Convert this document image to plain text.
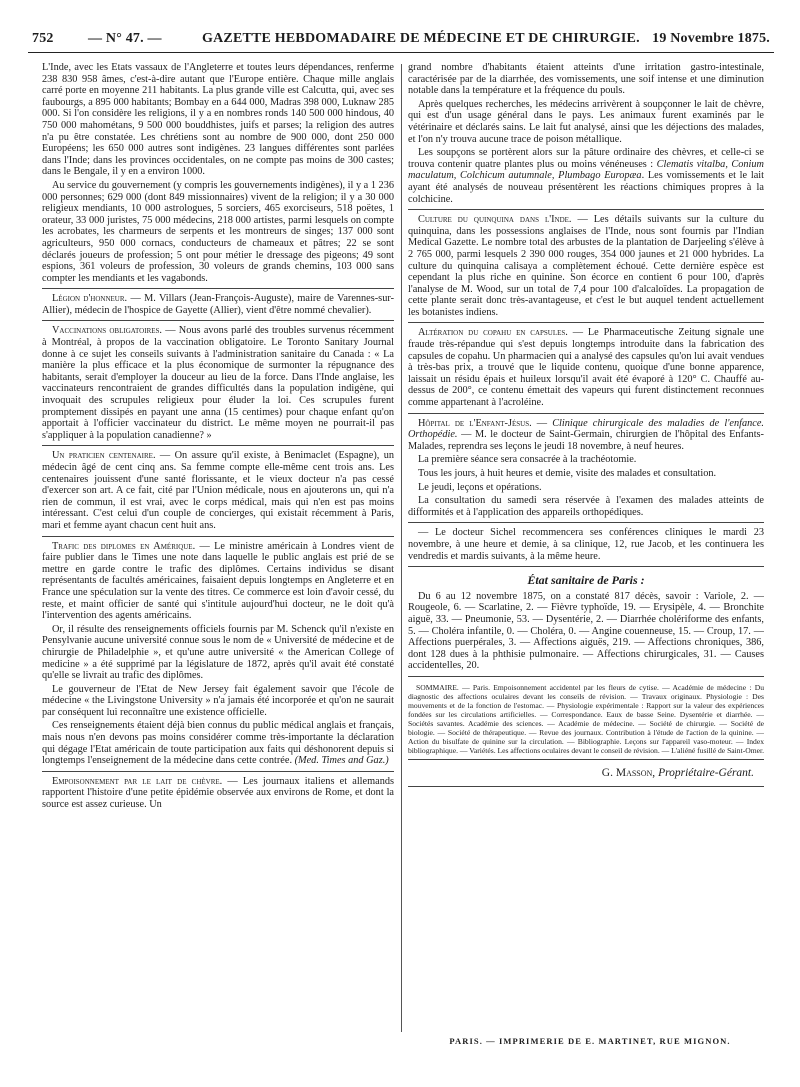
752 — N° 47. —	GAZETTE HEBDOMADAIRE DE MÉDECINE ET DE CHIRURGIE. 19 Novembre 1875.

L'Inde, avec les Etats vassaux de l'Angleterre et toutes leurs dépendances, renferme 238 830 958 âmes, c'est-à-dire autant que l'Europe entière. Chaque mille anglais carré porte en moyenne 211 habitants. La plus grande ville est Calcutta, qui, avec ses faubourgs, a 895 000 habitants; Bombay en a 644 000, Madras 398 000, Luknaw 285 000. Si l'on considère les religions, il y a en nombres ronds 140 500 000 hindous, 40 750 000 mahométans, 9 500 000 bouddhistes, juifs et parses; la religion des autres n'a pu être constatée. Les chrétiens sont au nombre de 900 000, dont 250 000 Européens; les 650 000 autres sont indigènes. 23 langues différentes sont parlées dans l'Inde; dans les provinces occidentales, on ne compte pas moins de 300 castes; dans le Bengale, il y en a environ 1000.

Au service du gouvernement (y compris les gouvernements indigènes), il y a 1 236 000 personnes; 629 000 (dont 849 missionnaires) vivent de la religion; il y a 30 000 religieux mendiants, 10 000 astrologues, 5 sorciers, 465 exorciseurs, 518 poëtes, 1 orateur, 33 000 juristes, 75 000 médecins, 218 000 artistes, parmi lesquels on compte les acrobates, les charmeurs de serpents et les montreurs de singes; 137 000 sont agriculteurs, 950 000 cornacs, conducteurs de chameaux et pâtres; 22 se sont déclarés joueurs de profession; 5 ont pour métier le dressage des pigeons; 49 sont espions, 361 voleurs de profession, 30 voleurs de grands chemins, 103 000 sans compter les mendiants et les vagabonds.

Légion d'honneur. — M. Villars (Jean-François-Auguste), maire de Varennes-sur-Allier), médecin de l'hospice de Gayette (Allier), vient d'être nommé chevalier).

Vaccinations obligatoires. — Nous avons parlé des troubles survenus récemment à Montréal, à propos de la vaccination obligatoire. Le Toronto Sanitary Journal donne à ce sujet les conseils suivants à l'administration sanitaire du Canada : « La manière la plus efficace et la plus économique de surmonter la répugnance des habitants, serait d'employer la douceur au lieu de la force. Dans l'Inde anglaise, les vaccinateurs rencontraient de grandes difficultés dans la population indigène, qui invoquait des scrupules religieux pour éluder la loi. Ces scrupules furent promptement dissipés en payant une anna (15 centimes) pour chaque enfant qu'on apportait à l'officier vaccinateur du district. Le même moyen ne pourrait-il pas s'appliquer à la population canadienne? »

Un praticien centenaire. — On assure qu'il existe, à Benimaclet (Espagne), un médecin âgé de cent cinq ans. Sa femme compte elle-même cent trois ans. Les centenaires jouissent d'une santé florissante, et le vieux docteur n'a pas cessé d'exercer son art. A ce fait, cité par l'Union médicale, nous en ajouterons un, qui n'a rien de commun, il est vrai, avec le corps médical, mais qui n'en est pas moins intéressant. C'est celui d'un couple de concierges, qui existait récemment à Paris, mari et femme ayant chacun cent huit ans.

Trafic des diplomes en Amérique. — Le ministre américain à Londres vient de faire publier dans le Times une note dans laquelle le public anglais est prié de se mettre en garde contre le trafic des diplômes. Certains individus se disant représentants de facultés américaines, faisaient depuis longtemps en Angleterre et en France une spéculation sur la vente des titres. Ce commerce est loin d'avoir cessé, du reste, et maint officier de santé qui s'intitule aujourd'hui docteur, ne le doit qu'à l'intervention des agents américains.

Or, il résulte des renseignements officiels fournis par M. Schenck qu'il n'existe en Pensylvanie aucune université connue sous le nom de « Université de médecine et de chirurgie de Philadelphie », et qu'une autre université « the American College of medicine » a été supprimé par la législature de 1872, après qu'il avait été constaté qu'elle se livrait au trafic des diplômes.

Le gouverneur de l'Etat de New Jersey fait également savoir que l'école de médecine « the Livingstone University » n'a jamais été incorporée et qu'on ne saurait par conséquent lui reconnaître une existence officielle.

Ces renseignements étaient déjà bien connus du public médical anglais et français, mais nous n'en devons pas moins considérer comme très-importante la déclaration qui dégage l'Etat américain de toute participation aux faits qui déshonorent depuis si longtemps l'enseignement de la médecine dans cette contrée. (Med. Times and Gaz.)

Empoisonnement par le lait de chèvre. — Les journaux italiens et allemands rapportent l'histoire d'une petite épidémie observée aux environs de Rome, et dont la source est assez curieuse. Un

grand nombre d'habitants étaient atteints d'une irritation gastro-intestinale, caractérisée par de la diarrhée, des vomissements, une soif intense et une diminution notable dans la température et la fréquence du pouls.

Après quelques recherches, les médecins arrivèrent à soupçonner le lait de chèvre, qui est d'un usage général dans le pays. Les animaux furent examinés par le vétérinaire et déclarés sains. Le lait fut analysé, ainsi que les déjections des malades, et l'on n'y trouva aucune trace de poison métallique.

Les soupçons se portèrent alors sur la pâture ordinaire des chèvres, et celle-ci se trouva contenir quatre plantes plus ou moins vénéneuses : Clematis vitalba, Conium maculatum, Colchicum autumnale, Plumbago Europæa. Les vomissements et le lait ayant été analysés de nouveau présentèrent les réactions chimiques propres à la colchicine.

Culture du quinquina dans l'Inde. — Les détails suivants sur la culture du quinquina, dans les possessions anglaises de l'Inde, nous sont fournis par l'Indian Medical Gazette. Le nombre total des arbustes de la plantation de Darjeeling s'élève à 2 765 000, parmi lesquels 2 390 000 rouges, 354 000 jaunes et 21 000 hybrides. La culture du quinquina calisaya a complètement échoué. Cette dernière espèce est cependant la plus riche en quinine. Son écorce en contient 6 pour 100, d'après l'analyse de M. Wood, sur un total de 7,4 pour 100 d'alcaloïdes. La propagation de cette plante serait donc très-avantageuse, et c'est le but auquel tendent actuellement les botanistes indiens.

Altération du copahu en capsules. — Le Pharmaceutische Zeitung signale une fraude très-répandue qui s'est depuis longtemps introduite dans la fabrication des capsules de copahu. Un pharmacien qui a analysé des capsules qu'on lui avait vendues à très-bas prix, a trouvé que le liquide contenu, quoique d'une bonne apparence, laissait un résidu épais et huileux lorsqu'il avait été évaporé à 120° C. Chauffé au-dessus de 200°, ce contenu émettait des vapeurs qui furent distinctement reconnues comme appartenant à l'acroléine.

Hôpital de l'Enfant-Jésus. — Clinique chirurgicale des maladies de l'enfance. Orthopédie. — M. le docteur de Saint-Germain, chirurgien de l'hôpital des Enfants-Malades, reprendra ses leçons le jeudi 18 novembre, à neuf heures.

La première séance sera consacrée à la trachéotomie.

Tous les jours, à huit heures et demie, visite des malades et consultation.

Le jeudi, leçons et opérations.

La consultation du samedi sera réservée à l'examen des malades atteints de difformités et à l'application des appareils orthopédiques.

— Le docteur Sichel recommencera ses conférences cliniques le mardi 23 novembre, à une heure et demie, à sa clinique, 12, rue Jacob, et les continuera les vendredis et mardis suivants, à la même heure.

État sanitaire de Paris :

Du 6 au 12 novembre 1875, on a constaté 817 décès, savoir : Variole, 2. — Rougeole, 6. — Scarlatine, 2. — Fièvre typhoïde, 19. — Erysipèle, 4. — Bronchite aiguë, 33. — Pneumonie, 53. — Dysentérie, 2. — Diarrhée cholériforme des enfants, 5. — Choléra infantile, 0. — Choléra, 0. — Angine couenneuse, 15. — Croup, 17. — Affections puerpérales, 3. — Affections aiguës, 219. — Affections chroniques, 386, dont 128 dues à la phthisie pulmonaire. — Affections chirurgicales, 31. — Causes accidentelles, 20.

SOMMAIRE. — Paris. Empoisonnement accidentel par les fleurs de cytise. — Académie de médecine : Du diagnostic des affections oculaires devant les conseils de révision. — Travaux originaux. Physiologie : Des mouvements et de la fonction de l'estomac. — Physiologie expérimentale : Rapport sur la valeur des expériences fondées sur les circulations artificielles. — Correspondance. Eaux de basse Seine. Dysentérie et diarrhée. — Sociétés savantes. Académie des sciences. — Académie de médecine. — Société de chirurgie. — Société de biologie. — Société de thérapeutique. — Revue des journaux. Contribution à l'étude de l'action de la quinine. — Action du bisulfate de quinine sur la circulation. — Bibliographie. Leçons sur l'appareil vaso-moteur. — Index bibliographique. — Variétés. Les affections oculaires devant le conseil de révision. — L'aliéné fusillé de Saint-Omer.

G. Masson, Propriétaire-Gérant.

PARIS. — IMPRIMERIE DE E. MARTINET, RUE MIGNON.
